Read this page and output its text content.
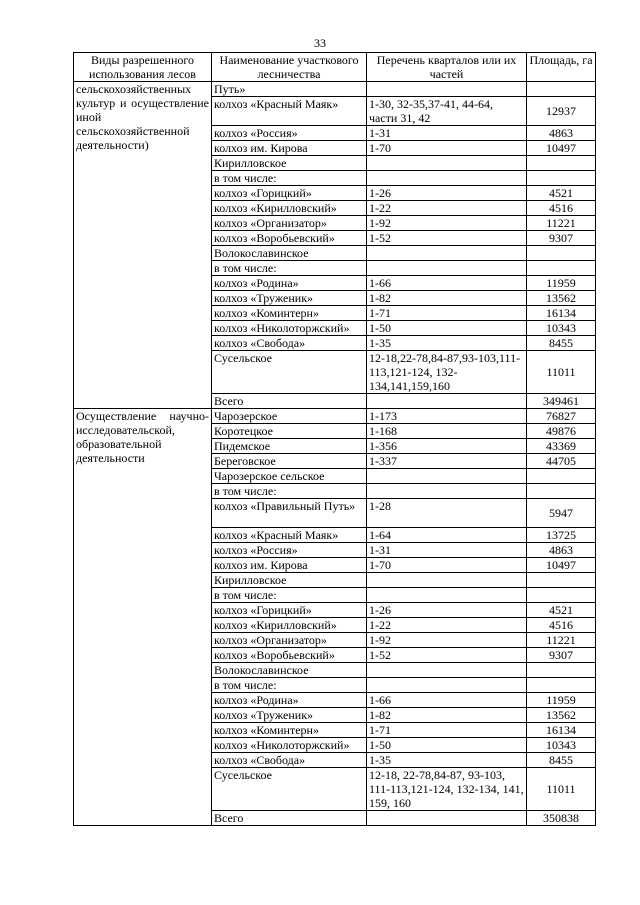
33
Виды разрешенного использования лесов	Наименование участкового лесничества	Перечень кварталов или их частей	Площадь, га
сельскохозяйственных культур и осуществление иной сельскохозяйственной деятельности)	Путь»		
	колхоз «Красный Маяк»	1-30, 32-35,37-41, 44-64, части 31, 42	12937
	колхоз «Россия»	1-31	4863
	колхоз им. Кирова	1-70	10497
	Кирилловское		
	в том числе:		
	колхоз «Горицкий»	1-26	4521
	колхоз «Кирилловский»	1-22	4516
	колхоз «Организатор»	1-92	11221
	колхоз «Воробьевский»	1-52	9307
	Волокославинское		
	в том числе:		
	колхоз «Родина»	1-66	11959
	колхоз «Труженик»	1-82	13562
	колхоз «Коминтерн»	1-71	16134
	колхоз «Николоторжский»	1-50	10343
	колхоз «Свобода»	1-35	8455
	Сусельское	12-18,22-78,84-87,93-103,111-113,121-124, 132-134,141,159,160	11011
	Всего		349461
Осуществление научно-исследовательской, образовательной деятельности	Чарозерское	1-173	76827
	Коротецкое	1-168	49876
	Пидемское	1-356	43369
	Береговское	1-337	44705
	Чарозерское сельское		
	в том числе:		
	колхоз «Правильный Путь»	1-28	5947
	колхоз «Красный Маяк»	1-64	13725
	колхоз «Россия»	1-31	4863
	колхоз им. Кирова	1-70	10497
	Кирилловское		
	в том числе:		
	колхоз «Горицкий»	1-26	4521
	колхоз «Кирилловский»	1-22	4516
	колхоз «Организатор»	1-92	11221
	колхоз «Воробьевский»	1-52	9307
	Волокославинское		
	в том числе:		
	колхоз «Родина»	1-66	11959
	колхоз «Труженик»	1-82	13562
	колхоз «Коминтерн»	1-71	16134
	колхоз «Николоторжский»	1-50	10343
	колхоз «Свобода»	1-35	8455
	Сусельское	12-18, 22-78,84-87, 93-103, 111-113,121-124, 132-134, 141, 159, 160	11011
	Всего		350838
